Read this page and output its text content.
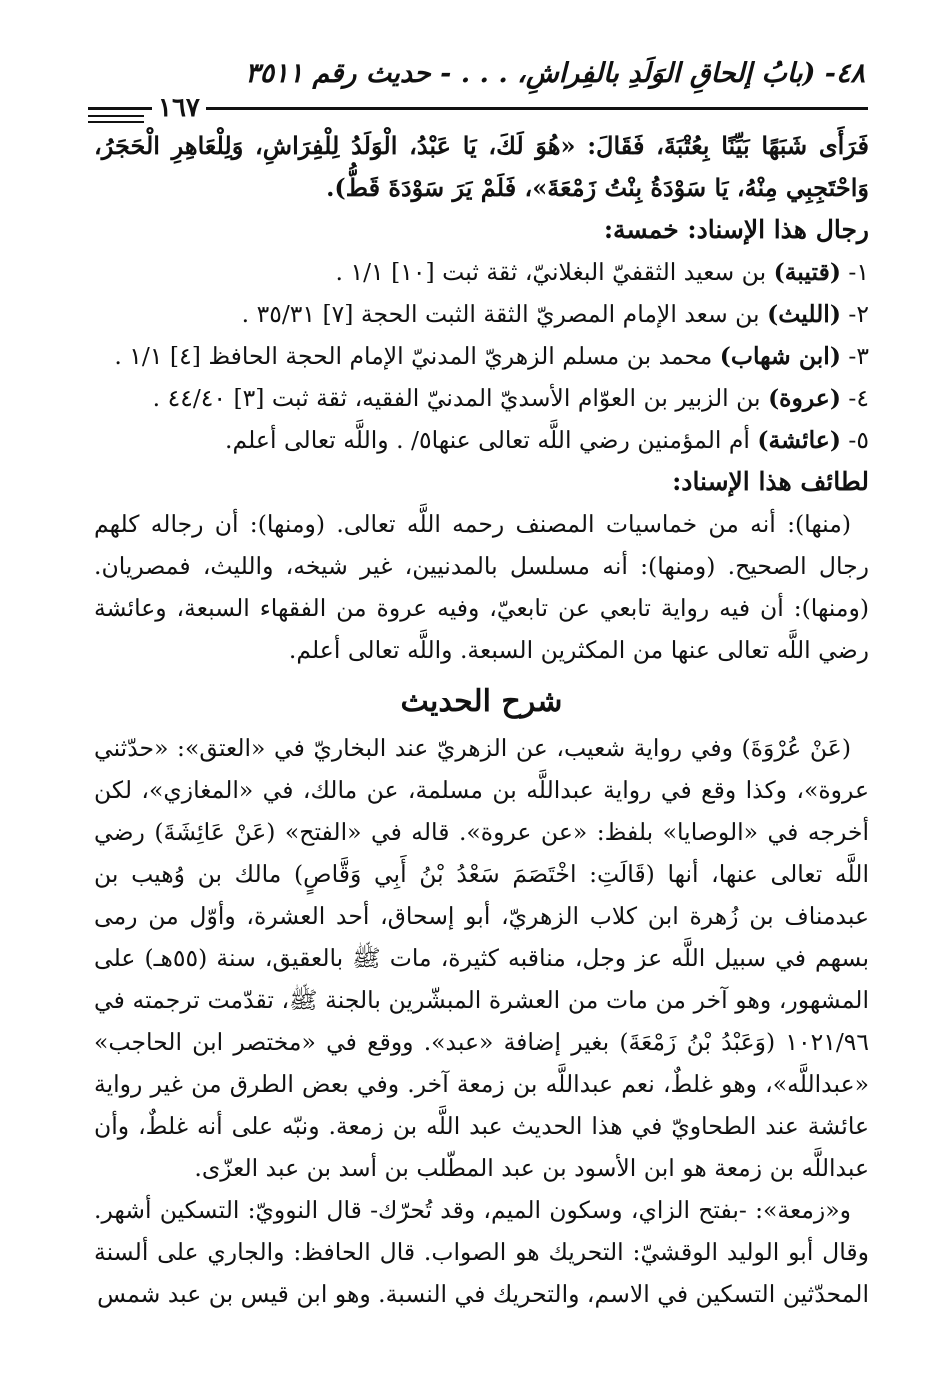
٤٨- (بابُ إلحاقِ الوَلَدِ بالفِراشِ، . . . - حديث رقم ٣٥١١
١٦٧

فَرَأَى شَبَهًا بَيِّنًا بِعُتْبَةَ، فَقَالَ: «هُوَ لَكَ، يَا عَبْدُ، الْوَلَدُ لِلْفِرَاشِ، وَلِلْعَاهِرِ الْحَجَرُ، وَاحْتَجِبِي مِنْهُ، يَا سَوْدَةُ بِنْتُ زَمْعَةَ»، فَلَمْ يَرَ سَوْدَةَ قَطُّ).

رجال هذا الإسناد: خمسة:

١- (قتيبة) بن سعيد الثقفيّ البغلانيّ، ثقة ثبت [١٠] ١/١ .

٢- (الليث) بن سعد الإمام المصريّ الثقة الثبت الحجة [٧] ٣٥/٣١ .

٣- (ابن شهاب) محمد بن مسلم الزهريّ المدنيّ الإمام الحجة الحافظ [٤] ١/١ .

٤- (عروة) بن الزبير بن العوّام الأسديّ المدنيّ الفقيه، ثقة ثبت [٣] ٤٤/٤٠ .

٥- (عائشة) أم المؤمنين رضي اللَّه تعالى عنها٥/ . واللَّه تعالى أعلم.

لطائف هذا الإسناد:

(منها): أنه من خماسيات المصنف رحمه اللَّه تعالى. (ومنها): أن رجاله كلهم رجال الصحيح. (ومنها): أنه مسلسل بالمدنيين، غير شيخه، والليث، فمصريان. (ومنها): أن فيه رواية تابعي عن تابعيّ، وفيه عروة من الفقهاء السبعة، وعائشة رضي اللَّه تعالى عنها من المكثرين السبعة. واللَّه تعالى أعلم.

شرح الحديث

(عَنْ عُرْوَةَ) وفي رواية شعيب، عن الزهريّ عند البخاريّ في «العتق»: «حدّثني عروة»، وكذا وقع في رواية عبداللَّه بن مسلمة، عن مالك، في «المغازي»، لكن أخرجه في «الوصايا» بلفظ: «عن عروة». قاله في «الفتح» (عَنْ عَائِشَةَ) رضي اللَّه تعالى عنها، أنها (قَالَتِ: اخْتَصَمَ سَعْدُ بْنُ أَبِي وَقَّاصٍ) مالك بن وُهيب بن عبدمناف بن زُهرة ابن كلاب الزهريّ، أبو إسحاق، أحد العشرة، وأوّل من رمى بسهم في سبيل اللَّه عز وجل، مناقبه كثيرة، مات ﷺ بالعقيق، سنة (٥٥هـ) على المشهور، وهو آخر من مات من العشرة المبشّرين بالجنة ﷺ، تقدّمت ترجمته في ١٠٢١/٩٦ (وَعَبْدُ بْنُ زَمْعَةَ) بغير إضافة «عبد». ووقع في «مختصر ابن الحاجب» «عبداللَّه»، وهو غلطٌ، نعم عبداللَّه بن زمعة آخر. وفي بعض الطرق من غير رواية عائشة عند الطحاويّ في هذا الحديث عبد اللَّه بن زمعة. ونبّه على أنه غلطٌ، وأن عبداللَّه بن زمعة هو ابن الأسود بن عبد المطّلب بن أسد بن عبد العزّى.

و«زمعة»: -بفتح الزاي، وسكون الميم، وقد تُحرّك- قال النوويّ: التسكين أشهر. وقال أبو الوليد الوقشيّ: التحريك هو الصواب. قال الحافظ: والجاري على ألسنة المحدّثين التسكين في الاسم، والتحريك في النسبة. وهو ابن قيس بن عبد شمس
